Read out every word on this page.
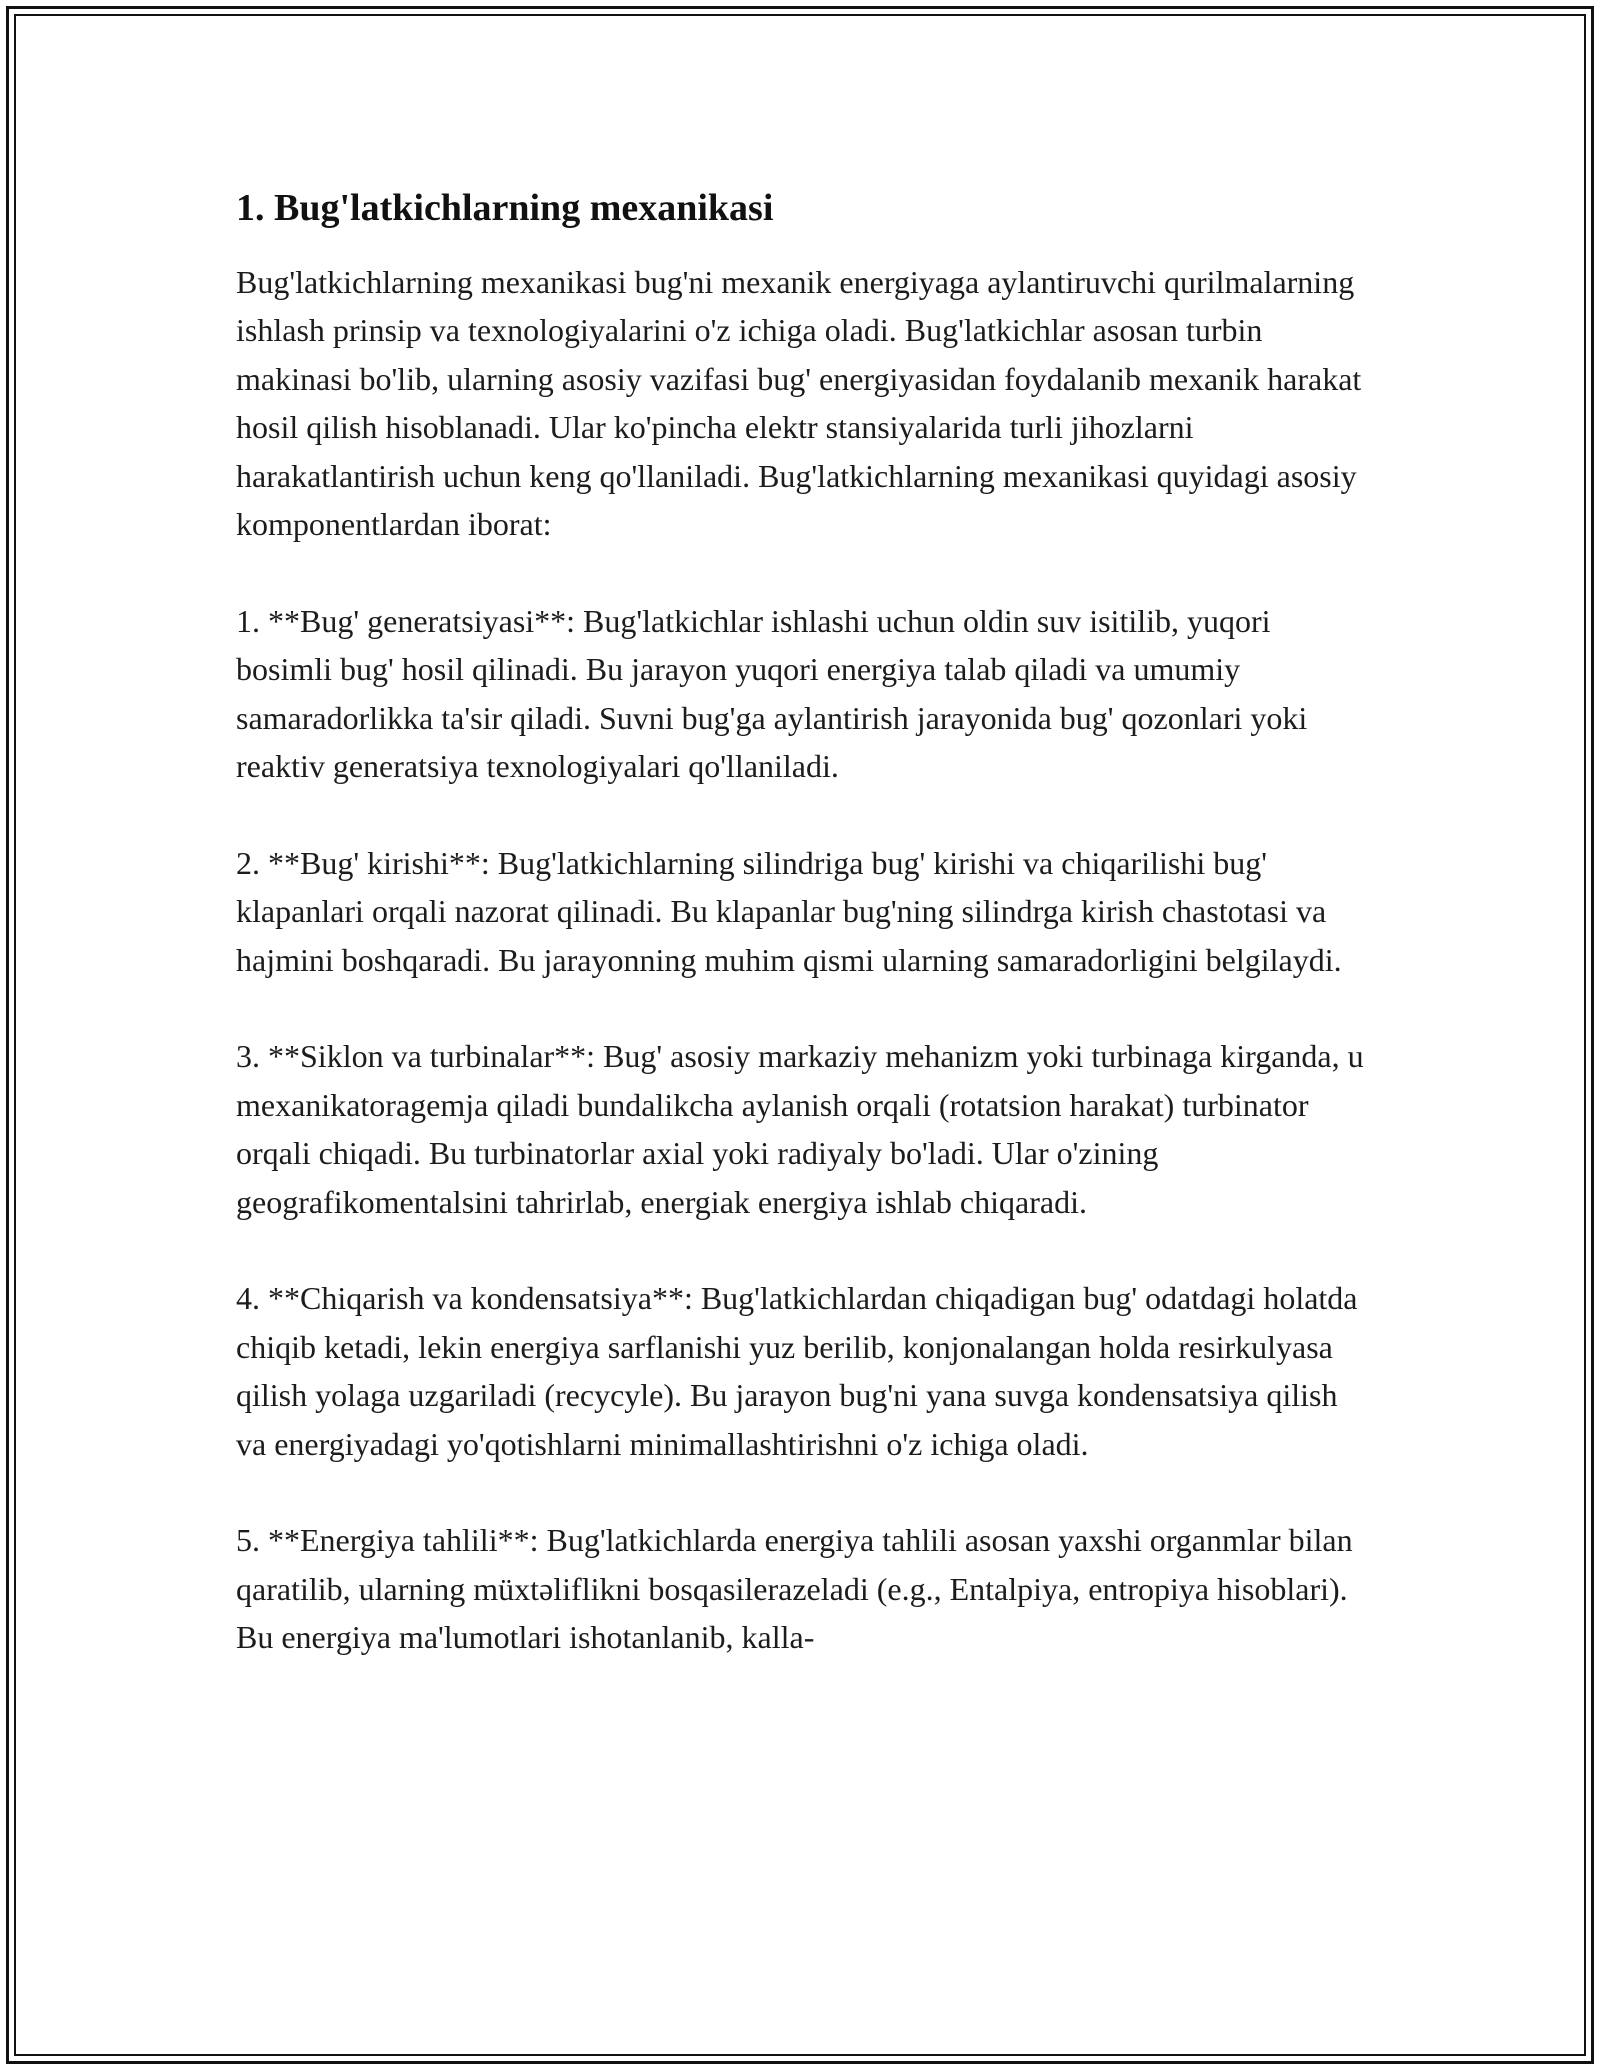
1. Bug'latkichlarning mexanikasi

Bug'latkichlarning mexanikasi bug'ni mexanik energiyaga aylantiruvchi qurilmalarning ishlash prinsip va texnologiyalarini o'z ichiga oladi. Bug'latkichlar asosan turbin makinasi bo'lib, ularning asosiy vazifasi bug' energiyasidan foydalanib mexanik harakat hosil qilish hisoblanadi. Ular ko'pincha elektr stansiyalarida turli jihozlarni harakatlantirish uchun keng qo'llaniladi. Bug'latkichlarning mexanikasi quyidagi asosiy komponentlardan iborat:

1. **Bug' generatsiyasi**: Bug'latkichlar ishlashi uchun oldin suv isitilib, yuqori bosimli bug' hosil qilinadi. Bu jarayon yuqori energiya talab qiladi va umumiy samaradorlikka ta'sir qiladi. Suvni bug'ga aylantirish jarayonida bug' qozonlari yoki reaktiv generatsiya texnologiyalari qo'llaniladi.

2. **Bug' kirishi**: Bug'latkichlarning silindriga bug' kirishi va chiqarilishi bug' klapanlari orqali nazorat qilinadi. Bu klapanlar bug'ning silindrga kirish chastotasi va hajmini boshqaradi. Bu jarayonning muhim qismi ularning samaradorligini belgilaydi.

3. **Siklon va turbinalar**: Bug' asosiy markaziy mehanizm yoki turbinaga kirganda, u mexanikatoragemja qiladi bundalikcha aylanish orqali (rotatsion harakat) turbinator orqali chiqadi. Bu turbinatorlar axial yoki radiyaly bo'ladi. Ular o'zining geografikomentalsini tahrirlab, energiak energiya ishlab chiqaradi.

4. **Chiqarish va kondensatsiya**: Bug'latkichlardan chiqadigan bug' odatdagi holatda chiqib ketadi, lekin energiya sarflanishi yuz berilib, konjonalangan holda resirkulyasa qilish yolaga uzgariladi (recycyle). Bu jarayon bug'ni yana suvga kondensatsiya qilish va energiyadagi yo'qotishlarni minimallashtirishni o'z ichiga oladi.

5. **Energiya tahlili**: Bug'latkichlarda energiya tahlili asosan yaxshi organmlar bilan qaratilib, ularning müxtəliflikni bosqasilerazeladi (e.g., Entalpiya, entropiya hisoblari). Bu energiya ma'lumotlari ishotanlanib, kalla-
